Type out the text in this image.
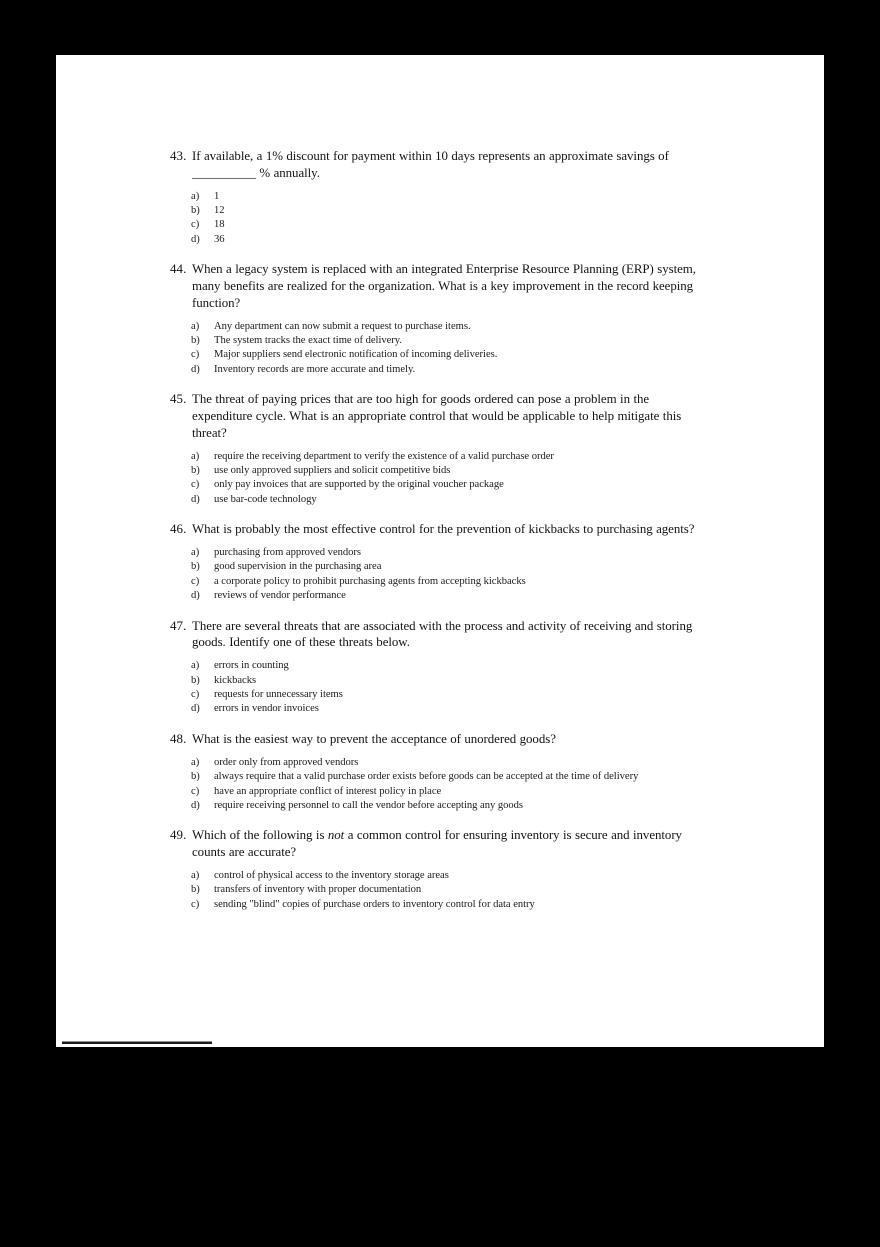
43. If available, a 1% discount for payment within 10 days represents an approximate savings of __________ % annually.
a)	1
b)	12
c)	18
d)	36
44. When a legacy system is replaced with an integrated Enterprise Resource Planning (ERP) system, many benefits are realized for the organization. What is a key improvement in the record keeping function?
a)	Any department can now submit a request to purchase items.
b)	The system tracks the exact time of delivery.
c)	Major suppliers send electronic notification of incoming deliveries.
d)	Inventory records are more accurate and timely.
45. The threat of paying prices that are too high for goods ordered can pose a problem in the expenditure cycle. What is an appropriate control that would be applicable to help mitigate this threat?
a)	require the receiving department to verify the existence of a valid purchase order
b)	use only approved suppliers and solicit competitive bids
c)	only pay invoices that are supported by the original voucher package
d)	use bar-code technology
46. What is probably the most effective control for the prevention of kickbacks to purchasing agents?
a)	purchasing from approved vendors
b)	good supervision in the purchasing area
c)	a corporate policy to prohibit purchasing agents from accepting kickbacks
d)	reviews of vendor performance
47. There are several threats that are associated with the process and activity of receiving and storing goods. Identify one of these threats below.
a)	errors in counting
b)	kickbacks
c)	requests for unnecessary items
d)	errors in vendor invoices
48. What is the easiest way to prevent the acceptance of unordered goods?
a)	order only from approved vendors
b)	always require that a valid purchase order exists before goods can be accepted at the time of delivery
c)	have an appropriate conflict of interest policy in place
d)	require receiving personnel to call the vendor before accepting any goods
49. Which of the following is not a common control for ensuring inventory is secure and inventory counts are accurate?
a)	control of physical access to the inventory storage areas
b)	transfers of inventory with proper documentation
c)	sending "blind" copies of purchase orders to inventory control for data entry
